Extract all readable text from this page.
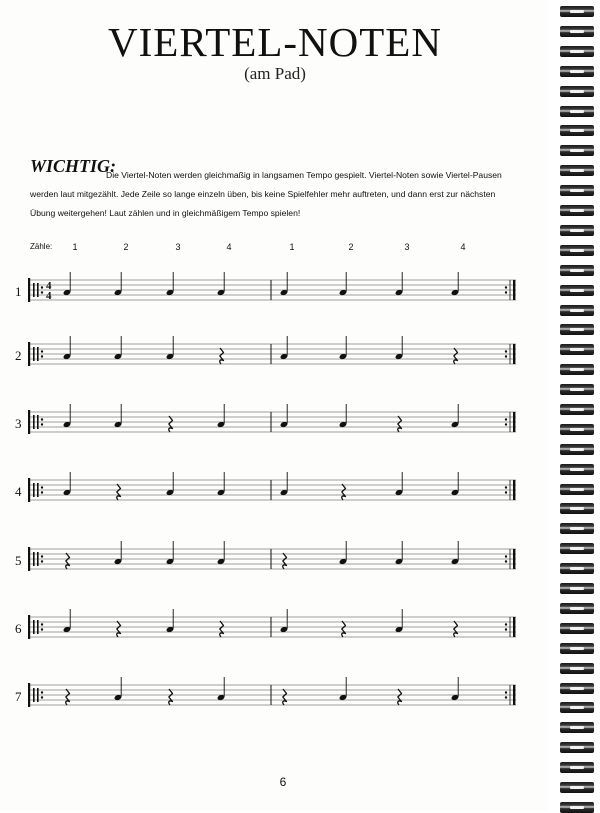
VIERTEL-NOTEN
(am Pad)
WICHTIG:

Die Viertel-Noten werden gleichmaßig in langsamen Tempo gespielt. Viertel-Noten sowie Viertel-Pausen werden laut mitgezählt. Jede Zeile so lange einzeln üben, bis keine Spielfehler mehr auftreten, und dann erst zur nächsten Übung weitergehen! Laut zählen und in gleichmäßigem Tempo spielen!

Zähle:	1	2	3	4	1	2	3	4
1	4
4
2
3
4
5
6
7
6
